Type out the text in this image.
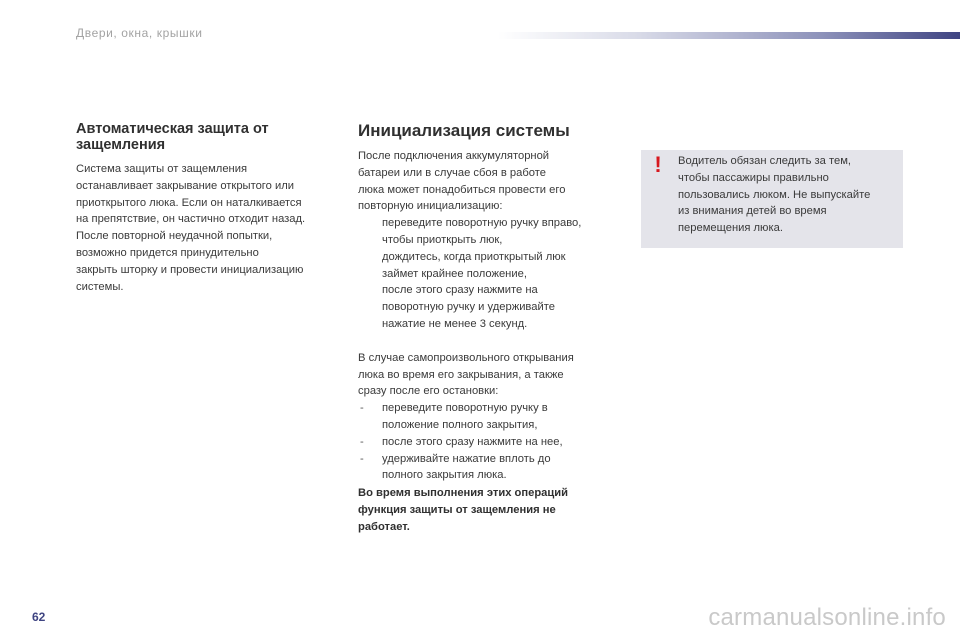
Двери, окна, крышки
Автоматическая защита от
защемления

Система защиты от защемления
останавливает закрывание открытого или
приоткрытого люка. Если он наталкивается
на препятствие, он частично отходит назад.
После повторной неудачной попытки,
возможно придется принудительно
закрыть шторку и провести инициализацию
системы.

Инициализация системы

После подключения аккумуляторной
батареи или в случае сбоя в работе
люка может понадобиться провести его
повторную инициализацию:

переведите поворотную ручку вправо,
чтобы приоткрыть люк,
дождитесь, когда приоткрытый люк
займет крайнее положение,
после этого сразу нажмите на
поворотную ручку и удерживайте
нажатие не менее 3 секунд.

В случае самопроизвольного открывания
люка во время его закрывания, а также
сразу после его остановки:

-	переведите поворотную ручку в
положение полного закрытия,
-	после этого сразу нажмите на нее,
-	удерживайте нажатие вплоть до
полного закрытия люка.

Во время выполнения этих операций
функция защиты от защемления не
работает.

! Водитель обязан следить за тем,
чтобы пассажиры правильно
пользовались люком. Не выпускайте
из внимания детей во время
перемещения люка.
62	carmanualsonline.info
